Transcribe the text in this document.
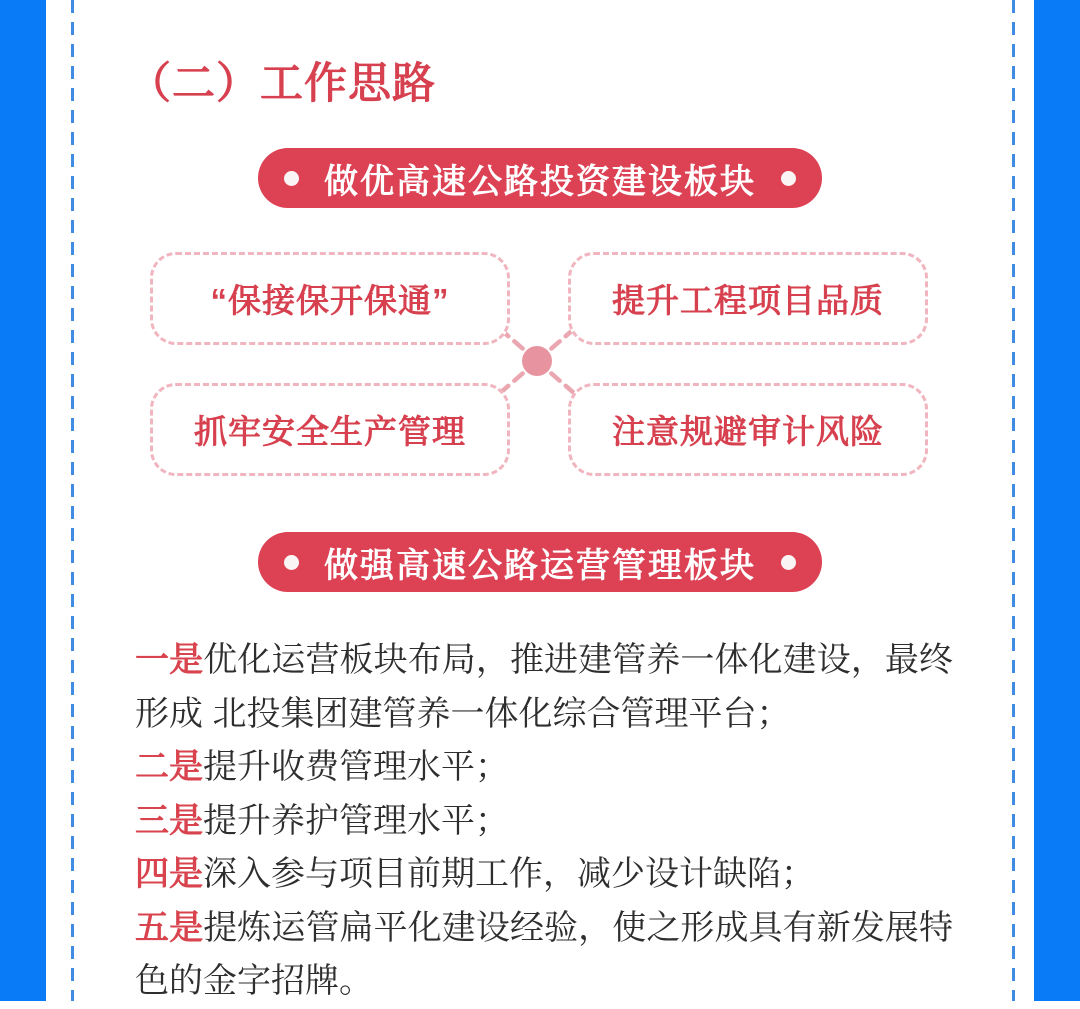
（二）工作思路
做优高速公路投资建设板块
“保接保开保通”	提升工程项目品质
抓牢安全生产管理	注意规避审计风险
做强高速公路运营管理板块
一是优化运营板块布局，推进建管养一体化建设，最终形成 北投集团建管养一体化综合管理平台；
二是提升收费管理水平；
三是提升养护管理水平；
四是深入参与项目前期工作，减少设计缺陷；
五是提炼运管扁平化建设经验，使之形成具有新发展特色的金字招牌。
